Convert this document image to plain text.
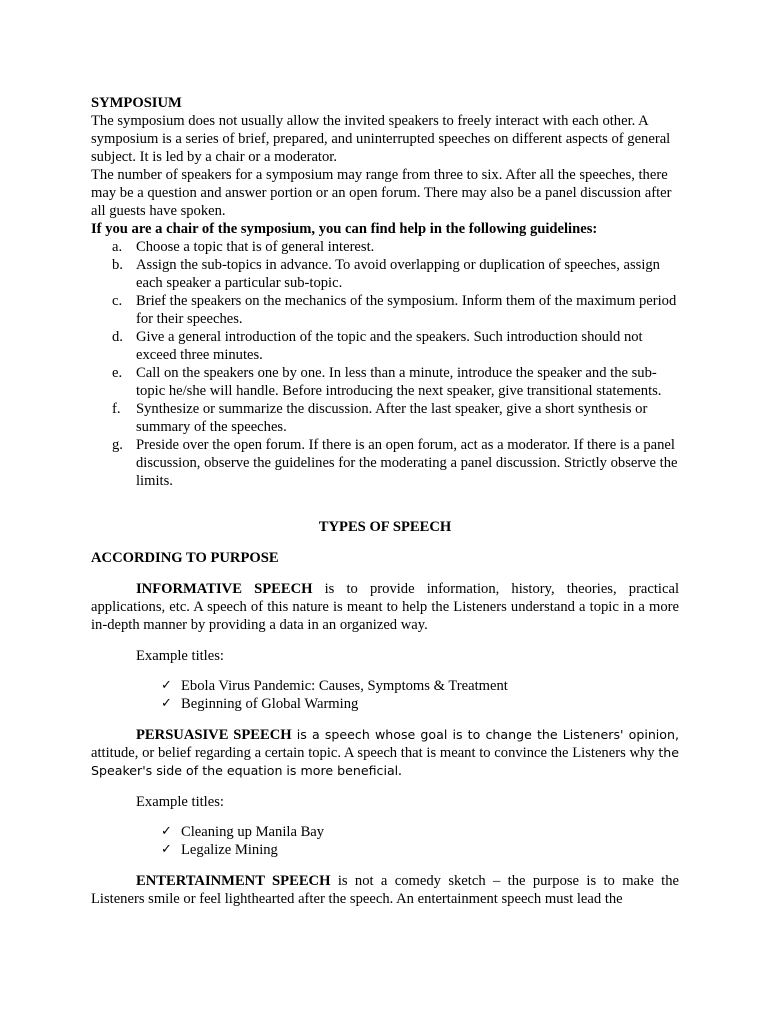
SYMPOSIUM

The symposium does not usually allow the invited speakers to freely interact with each other. A symposium is a series of brief, prepared, and uninterrupted speeches on different aspects of general subject. It is led by a chair or a moderator.

The number of speakers for a symposium may range from three to six. After all the speeches, there may be a question and answer portion or an open forum. There may also be a panel discussion after all guests have spoken.

If you are a chair of the symposium, you can find help in the following guidelines:

a. Choose a topic that is of general interest.
b. Assign the sub-topics in advance. To avoid overlapping or duplication of speeches, assign each speaker a particular sub-topic.
c. Brief the speakers on the mechanics of the symposium. Inform them of the maximum period for their speeches.
d. Give a general introduction of the topic and the speakers. Such introduction should not exceed three minutes.
e. Call on the speakers one by one. In less than a minute, introduce the speaker and the sub-topic he/she will handle. Before introducing the next speaker, give transitional statements.
f. Synthesize or summarize the discussion. After the last speaker, give a short synthesis or summary of the speeches.
g. Preside over the open forum. If there is an open forum, act as a moderator. If there is a panel discussion, observe the guidelines for the moderating a panel discussion. Strictly observe the limits.

TYPES OF SPEECH

ACCORDING TO PURPOSE

INFORMATIVE SPEECH is to provide information, history, theories, practical applications, etc. A speech of this nature is meant to help the Listeners understand a topic in a more in-depth manner by providing a data in an organized way.

Example titles:

✓ Ebola Virus Pandemic: Causes, Symptoms & Treatment
✓ Beginning of Global Warming

PERSUASIVE SPEECH is a speech whose goal is to change the Listeners' opinion, attitude, or belief regarding a certain topic. A speech that is meant to convince the Listeners why the Speaker's side of the equation is more beneficial.

Example titles:

✓ Cleaning up Manila Bay
✓ Legalize Mining

ENTERTAINMENT SPEECH is not a comedy sketch – the purpose is to make the Listeners smile or feel lighthearted after the speech. An entertainment speech must lead the
